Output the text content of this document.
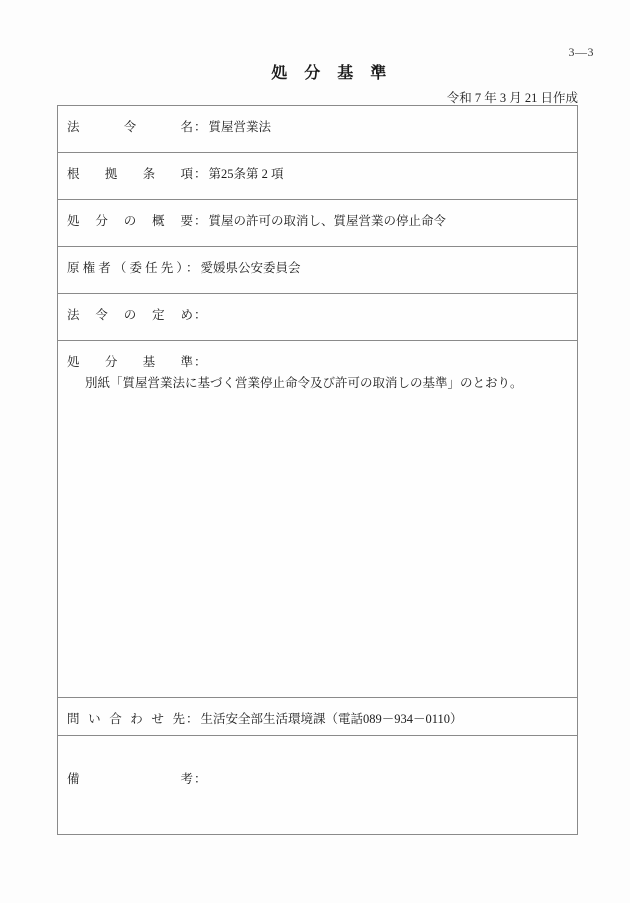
3―3
処　分　基　準
令和 7 年 3 月 21 日作成
法　　令　　名 ： 質屋営業法

根　拠　条　項 ： 第25条第 2 項

処　分　の　概　要 ： 質屋の許可の取消し、質屋営業の停止命令

原 権 者 （ 委 任 先 ）
： 愛媛県公安委員会

法　令　の　定　め ：

処　分　基　準 ：
別紙「質屋営業法に基づく営業停止命令及び許可の取消しの基準」のとおり。

問 い 合 わ せ 先 ： 生活安全部生活環境課（電話089－934－0110）

備　　　　考 ：
